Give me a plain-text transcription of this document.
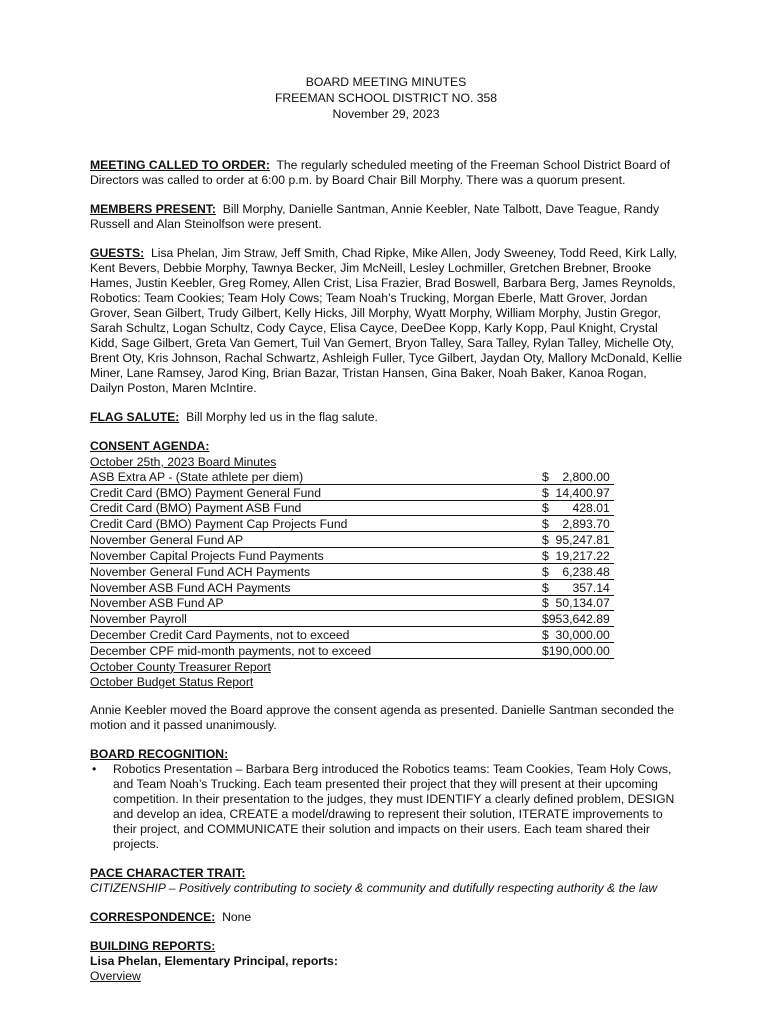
BOARD MEETING MINUTES
FREEMAN SCHOOL DISTRICT NO. 358
November 29, 2023

MEETING CALLED TO ORDER: The regularly scheduled meeting of the Freeman School District Board of Directors was called to order at 6:00 p.m. by Board Chair Bill Morphy. There was a quorum present.

MEMBERS PRESENT: Bill Morphy, Danielle Santman, Annie Keebler, Nate Talbott, Dave Teague, Randy Russell and Alan Steinolfson were present.

GUESTS: Lisa Phelan, Jim Straw, Jeff Smith, Chad Ripke, Mike Allen, Jody Sweeney, Todd Reed, Kirk Lally, Kent Bevers, Debbie Morphy, Tawnya Becker, Jim McNeill, Lesley Lochmiller, Gretchen Brebner, Brooke Hames, Justin Keebler, Greg Romey, Allen Crist, Lisa Frazier, Brad Boswell, Barbara Berg, James Reynolds, Robotics: Team Cookies; Team Holy Cows; Team Noah’s Trucking, Morgan Eberle, Matt Grover, Jordan Grover, Sean Gilbert, Trudy Gilbert, Kelly Hicks, Jill Morphy, Wyatt Morphy, William Morphy, Justin Gregor, Sarah Schultz, Logan Schultz, Cody Cayce, Elisa Cayce, DeeDee Kopp, Karly Kopp, Paul Knight, Crystal Kidd, Sage Gilbert, Greta Van Gemert, Tuil Van Gemert, Bryon Talley, Sara Talley, Rylan Talley, Michelle Oty, Brent Oty, Kris Johnson, Rachal Schwartz, Ashleigh Fuller, Tyce Gilbert, Jaydan Oty, Mallory McDonald, Kellie Miner, Lane Ramsey, Jarod King, Brian Bazar, Tristan Hansen, Gina Baker, Noah Baker, Kanoa Rogan, Dailyn Poston, Maren McIntire.

FLAG SALUTE: Bill Morphy led us in the flag salute.

CONSENT AGENDA:
October 25th, 2023 Board Minutes	
ASB Extra AP - (State athlete per diem)	$    2,800.00
Credit Card (BMO) Payment General Fund	$  14,400.97
Credit Card (BMO) Payment ASB Fund	$       428.01
Credit Card (BMO) Payment Cap Projects Fund	$    2,893.70
November General Fund AP	$  95,247.81
November Capital Projects Fund Payments	$  19,217.22
November General Fund ACH Payments	$    6,238.48
November ASB Fund ACH Payments	$       357.14
November ASB Fund AP	$  50,134.07
November Payroll	$953,642.89
December Credit Card Payments, not to exceed	$  30,000.00
December CPF mid-month payments, not to exceed	$190,000.00
October County Treasurer Report	
October Budget Status Report	

Annie Keebler moved the Board approve the consent agenda as presented. Danielle Santman seconded the motion and it passed unanimously.

BOARD RECOGNITION:
• Robotics Presentation – Barbara Berg introduced the Robotics teams: Team Cookies, Team Holy Cows, and Team Noah’s Trucking. Each team presented their project that they will present at their upcoming competition. In their presentation to the judges, they must IDENTIFY a clearly defined problem, DESIGN and develop an idea, CREATE a model/drawing to represent their solution, ITERATE improvements to their project, and COMMUNICATE their solution and impacts on their users. Each team shared their projects.
PACE CHARACTER TRAIT:
CITIZENSHIP – Positively contributing to society & community and dutifully respecting authority & the law

CORRESPONDENCE: None

BUILDING REPORTS:
Lisa Phelan, Elementary Principal, reports:
Overview
